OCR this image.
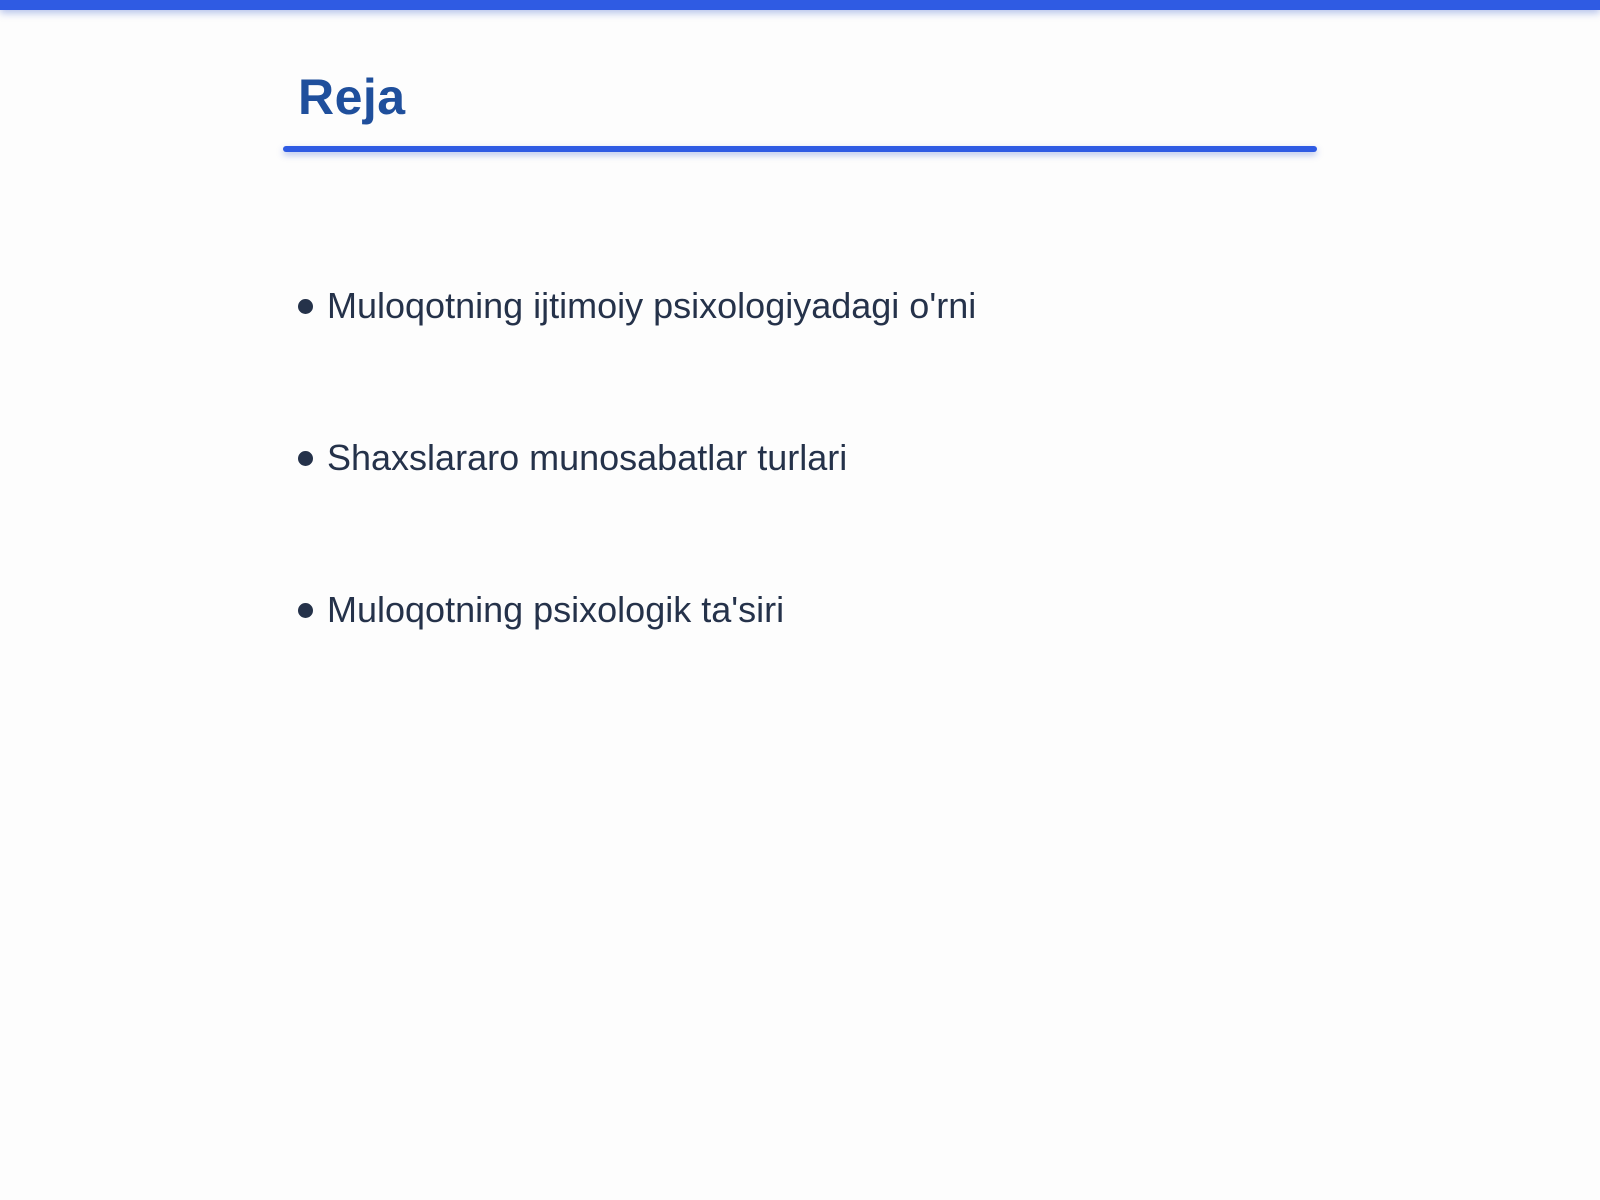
Reja
Muloqotning ijtimoiy psixologiyadagi o'rni
Shaxslararo munosabatlar turlari
Muloqotning psixologik ta'siri
